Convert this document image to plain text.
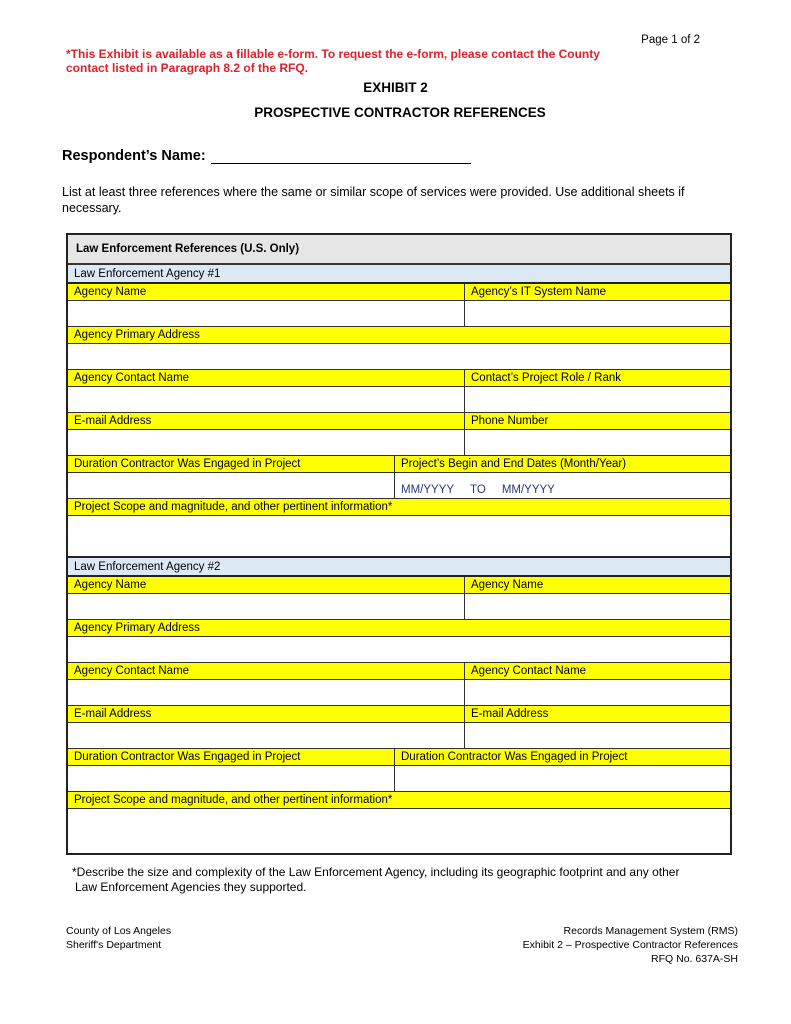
Page 1 of 2
*This Exhibit is available as a fillable e-form. To request the e-form, please contact the County
contact listed in Paragraph 8.2 of the RFQ.
EXHIBIT 2
PROSPECTIVE CONTRACTOR REFERENCES
Respondent’s Name:
List at least three references where the same or similar scope of services were provided. Use additional sheets if necessary.
Law Enforcement References (U.S. Only)
Law Enforcement Agency #1
Agency Name	Agency’s IT System Name
Agency Primary Address
Agency Contact Name	Contact’s Project Role / Rank
E-mail Address	Phone Number
Duration Contractor Was Engaged in Project	Project’s Begin and End Dates (Month/Year)
MM/YYYY TO MM/YYYY
Project Scope and magnitude, and other pertinent information*
Law Enforcement Agency #2
Agency Name	Agency Name
Agency Primary Address
Agency Contact Name	Agency Contact Name
E-mail Address	E-mail Address
Duration Contractor Was Engaged in Project	Duration Contractor Was Engaged in Project
Project Scope and magnitude, and other pertinent information*
*Describe the size and complexity of the Law Enforcement Agency, including its geographic footprint and any other
Law Enforcement Agencies they supported.
County of Los Angeles
Sheriff's Department
Records Management System (RMS)
Exhibit 2 – Prospective Contractor References
RFQ No. 637A-SH
